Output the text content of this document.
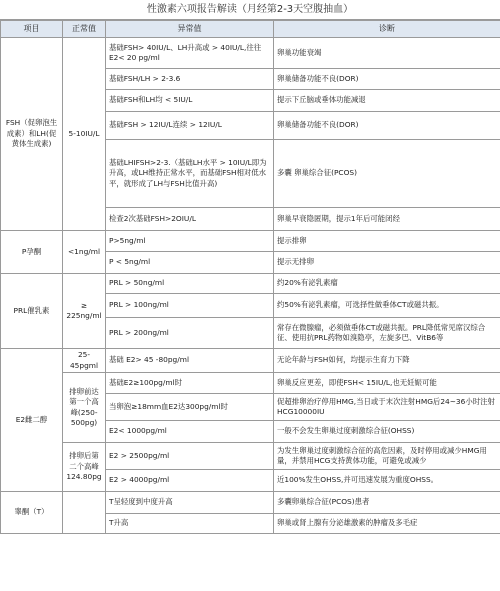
性激素六项报告解读（月经第2-3天空腹抽血）
项目	正常值	异常值	诊断
FSH（促卵泡生成素）和LH(促黄体生成素)	5-10IU/L	基础FSH> 40IU/L、LH升高或 > 40IU/L,往往E2< 20 pg/ml	卵巢功能衰竭
		基础FSH/LH > 2-3.6	卵巢储备功能不良(DOR)
		基础FSH和LH均 < 5IU/L	提示下丘脑或垂体功能减退
		基础FSH > 12IU/L连续 > 12IU/L	卵巢储备功能不良(DOR)
		基础LHIFSH>2-3.（基础LH水平 > 10IU/L即为升高，或LH维持正常水平，而基础FSH相对低水平，就形成了LH与FSH比值升高)	多囊 卵巢综合征(PCOS)
		检查2次基础FSH>2OIU/L	卵巢早衰隐匿期，提示1年后可能闭经
P孕酮	<1ng/ml	P>5ng/ml	提示排卵
		P < 5ng/ml	提示无排卵
PRL催乳素	≥ 225ng/ml	PRL > 50ng/ml	约20%有泌乳素瘤
		PRL > 100ng/ml	约50%有泌乳素瘤，可选择性做垂体CT或磁共振。
		PRL > 200ng/ml	常存在微腺瘤，必须做垂体CT或磁共振。PRL降低常见席汉综合征、使用抗PRL药物如溴隐亭，左旋多巴、VitB6等
E2雌二醇	25-45pgml	基础 E2> 45 -80pg/ml	无论年龄与FSH如何，均提示生育力下降
	排卵前达第一个高峰(250-500pg)	基础E2≥100pg/ml时	卵巢反应更差，即使FSH< 15IU/L,也无妊娠可能
		当卵泡≥18mm血E2达300pg/ml时	促超排卵治疗停用HMG,当日或于末次注射HMG后24~36小时注射HCG10000IU
		E2< 1000pg/ml	一般不会发生卵巢过度刺激综合征(OHSS)
	排卵后第二个高峰124.80pg	E2 > 2500pg/ml	为发生卵巢过度刺激综合征的高危因素，及时停用或减少HMG用量，并禁用HCG支持黄体功能，可避免或减少
		E2 > 4000pg/ml	近100%发生OHSS,并可迅速发展为重度OHSS。
睾酮（T）		T呈轻度到中度升高	多囊卵巢综合征(PCOS)患者
		T升高	卵巢或肾上腺有分泌雄激素的肿瘤及多毛症
